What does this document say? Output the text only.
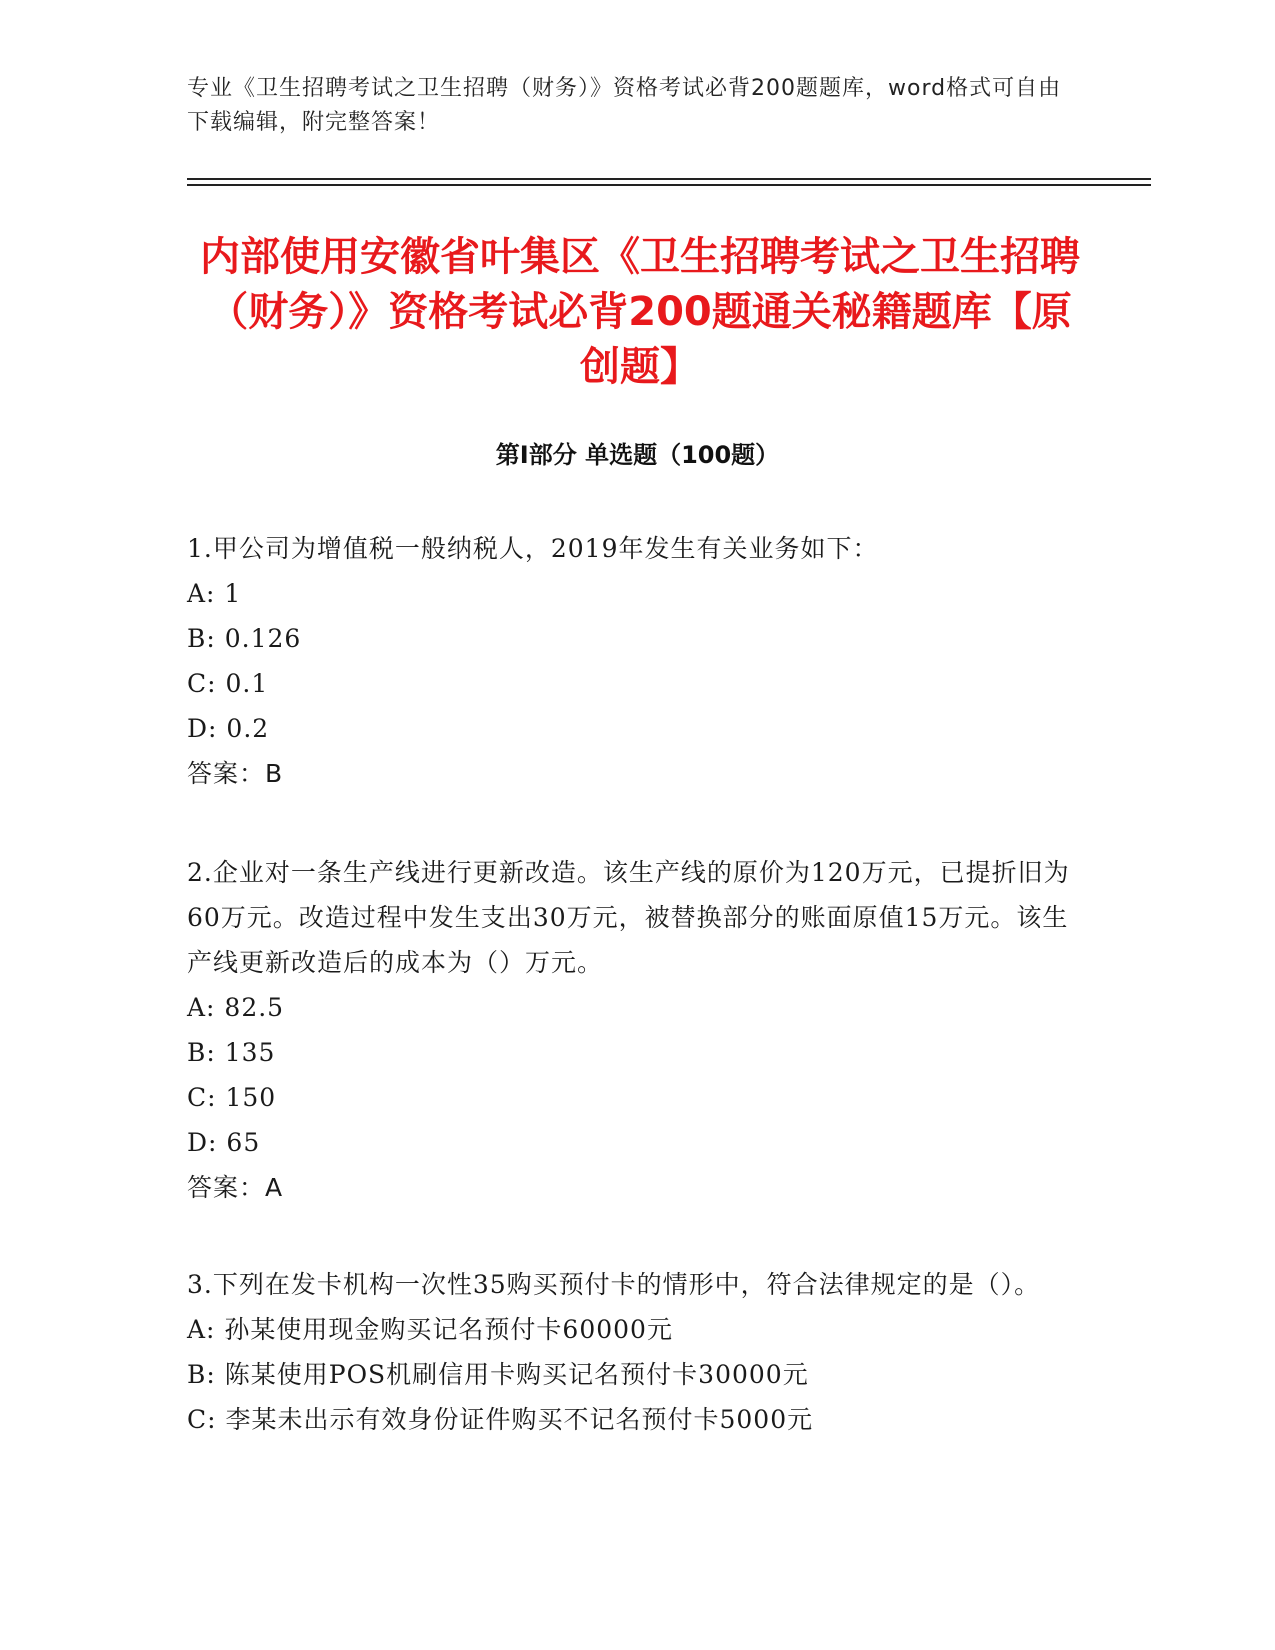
专业《卫生招聘考试之卫生招聘（财务）》资格考试必背200题题库，word格式可自由下载编辑，附完整答案！
内部使用安徽省叶集区《卫生招聘考试之卫生招聘（财务）》资格考试必背200题通关秘籍题库【原创题】
第I部分 单选题（100题）

1.甲公司为增值税一般纳税人，2019年发生有关业务如下：

A: 1

B: 0.126

C: 0.1

D: 0.2

答案：B

2.企业对一条生产线进行更新改造。该生产线的原价为120万元，已提折旧为60万元。改造过程中发生支出30万元，被替换部分的账面原值15万元。该生产线更新改造后的成本为（）万元。

A: 82.5

B: 135

C: 150

D: 65

答案：A

3.下列在发卡机构一次性35购买预付卡的情形中，符合法律规定的是（）。

A: 孙某使用现金购买记名预付卡60000元

B: 陈某使用POS机刷信用卡购买记名预付卡30000元

C: 李某未出示有效身份证件购买不记名预付卡5000元
